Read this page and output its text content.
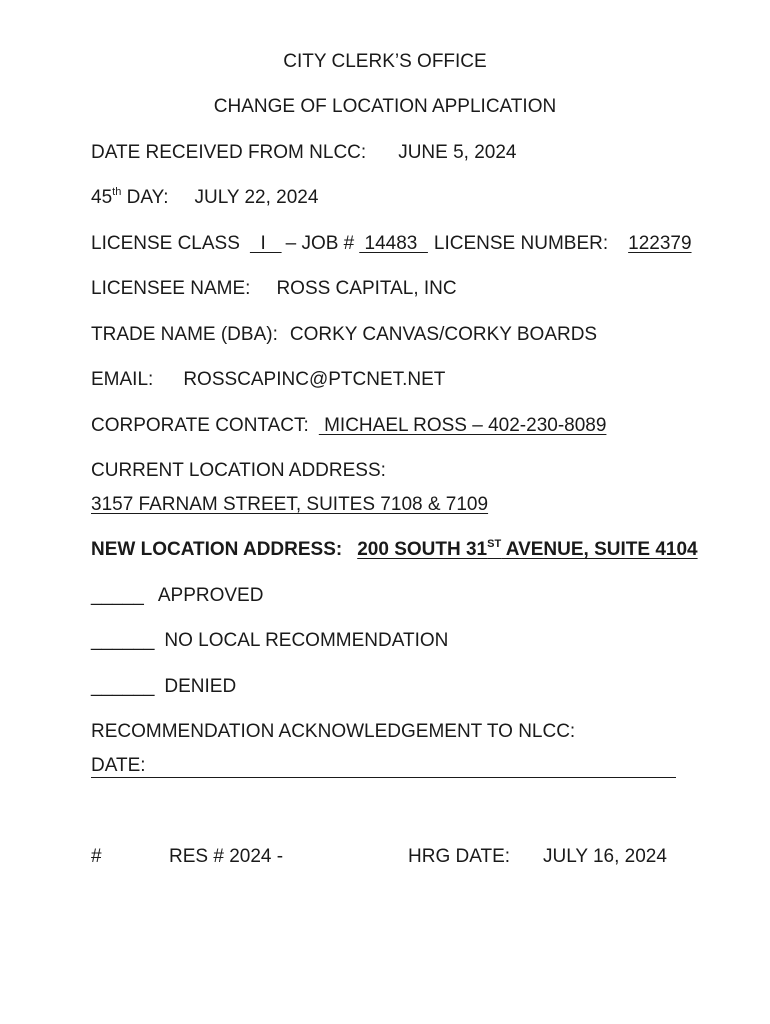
CITY CLERK’S OFFICE
CHANGE OF LOCATION APPLICATION
DATE RECEIVED FROM NLCC: JUNE 5, 2024
45th DAY: JULY 22, 2024
LICENSE CLASS  I   – JOB # 14483  LICENSE NUMBER: 122379
LICENSEE NAME: ROSS CAPITAL, INC
TRADE NAME (DBA): CORKY CANVAS/CORKY BOARDS
EMAIL: ROSSCAPINC@PTCNET.NET
CORPORATE CONTACT: MICHAEL ROSS – 402-230-8089
CURRENT LOCATION ADDRESS:
3157 FARNAM STREET, SUITES 7108 & 7109
NEW LOCATION ADDRESS: 200 SOUTH 31ST AVENUE, SUITE 4104
_____ APPROVED
______ NO LOCAL RECOMMENDATION
______ DENIED
RECOMMENDATION ACKNOWLEDGEMENT TO NLCC:
DATE:
#	RES # 2024 -	HRG DATE: JULY 16, 2024
